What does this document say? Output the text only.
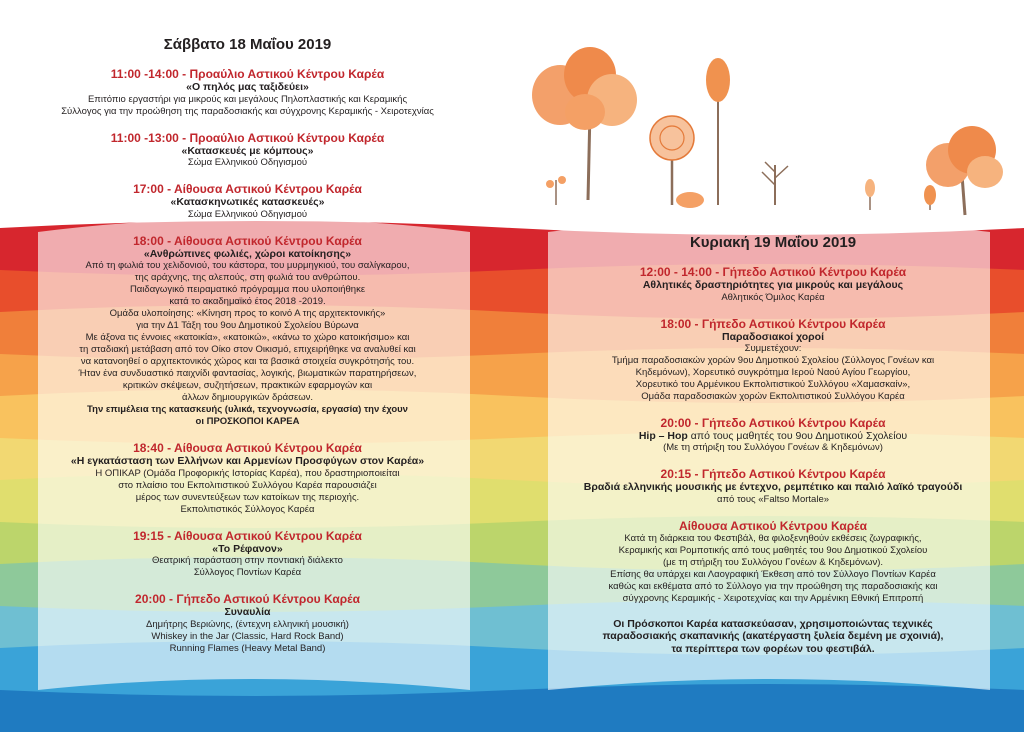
Σάββατο 18 Μαΐου 2019
11:00 -14:00 - Προαύλιο Αστικού Κέντρου Καρέα
«Ο πηλός μας ταξιδεύει»
Επιτόπιο εργαστήρι για μικρούς και μεγάλους Πηλοπλαστικής και Κεραμικής
Σύλλογος για την προώθηση της παραδοσιακής και σύγχρονης Κεραμικής - Χειροτεχνίας
11:00 -13:00 - Προαύλιο Αστικού Κέντρου Καρέα
«Κατασκευές με κόμπους»
Σώμα Ελληνικού Οδηγισμού
17:00 - Αίθουσα Αστικού Κέντρου Καρέα
«Κατασκηνωτικές κατασκευές»
Σώμα Ελληνικού Οδηγισμού
18:00 - Αίθουσα Αστικού Κέντρου Καρέα
«Ανθρώπινες φωλιές, χώροι κατοίκησης»
Από τη φωλιά του χελιδονιού, του κάστορα, του μυρμηγκιού, του σαλίγκαρου,
της αράχνης, της αλεπούς, στη φωλιά του ανθρώπου.
Παιδαγωγικό πειραματικό πρόγραμμα που υλοποιήθηκε
κατά το ακαδημαϊκό έτος 2018 -2019.
Ομάδα υλοποίησης: «Κίνηση προς το κοινό Α της αρχιτεκτονικής»
για την Δ1 Τάξη του 9ου Δημοτικού Σχολείου Βύρωνα
Με άξονα τις έννοιες «κατοικία», «κατοικώ», «κάνω το χώρο κατοικήσιμο» και
τη σταδιακή μετάβαση από τον Οίκο στον Οικισμό, επιχειρήθηκε να αναλυθεί και
να κατανοηθεί ο αρχιτεκτονικός χώρος και τα βασικά στοιχεία συγκρότησής του.
Ήταν ένα συνδυαστικό παιχνίδι φαντασίας, λογικής, βιωματικών παρατηρήσεων,
κριτικών σκέψεων, συζητήσεων, πρακτικών εφαρμογών και
άλλων δημιουργικών δράσεων.
Την επιμέλεια της κατασκευής (υλικά, τεχνογνωσία, εργασία) την έχουν
οι ΠΡΟΣΚΟΠΟΙ ΚΑΡΕΑ
18:40 - Αίθουσα Αστικού Κέντρου Καρέα
«Η εγκατάσταση των Ελλήνων και Αρμενίων Προσφύγων στον Καρέα»
Η ΟΠΙΚΑΡ (Ομάδα Προφορικής Ιστορίας Καρέα), που δραστηριοποιείται
στο πλαίσιο του Εκπολιτιστικού Συλλόγου Καρέα παρουσιάζει
μέρος των συνεντεύξεων των κατοίκων της περιοχής.
Εκπολιτιστικός Σύλλογος Καρέα
19:15 - Αίθουσα Αστικού Κέντρου Καρέα
«Το Ρέφανον»
Θεατρική παράσταση στην ποντιακή διάλεκτο
Σύλλογος Ποντίων Καρέα
20:00 - Γήπεδο Αστικού Κέντρου Καρέα
Συναυλία
Δημήτρης Βεριώνης, (έντεχνη ελληνική μουσική)
Whiskey in the Jar (Classic, Hard Rock Band)
Running Flames (Heavy Metal Band)
Κυριακή 19 Μαΐου 2019
12:00 - 14:00 - Γήπεδο Αστικού Κέντρου Καρέα
Αθλητικές δραστηριότητες για μικρούς και μεγάλους
Αθλητικός Όμιλος Καρέα
18:00 - Γήπεδο Αστικού Κέντρου Καρέα
Παραδοσιακοί χοροί
Συμμετέχουν:
Τμήμα παραδοσιακών χορών 9ου Δημοτικού Σχολείου (Σύλλογος Γονέων και
Κηδεμόνων), Χορευτικό συγκρότημα Ιερού Ναού Αγίου Γεωργίου,
Χορευτικό του Αρμένικου Εκπολιτιστικού Συλλόγου «Χαμασκαίν»,
Ομάδα παραδοσιακών χορών Εκπολιτιστικού Συλλόγου Καρέα
20:00 - Γήπεδο Αστικού Κέντρου Καρέα
Hip – Hop από τους μαθητές του 9ου Δημοτικού Σχολείου
(Με τη στήριξη του Συλλόγου Γονέων & Κηδεμόνων)
20:15 - Γήπεδο Αστικού Κέντρου Καρέα
Βραδιά ελληνικής μουσικής με έντεχνο, ρεμπέτικο και παλιό λαϊκό τραγούδι
από τους «Faltso Mortale»
Αίθουσα Αστικού Κέντρου Καρέα
Κατά τη διάρκεια του Φεστιβάλ, θα φιλοξενηθούν εκθέσεις ζωγραφικής,
Κεραμικής και Ρομποτικής από τους μαθητές του 9ου Δημοτικού Σχολείου
(με τη στήριξη του Συλλόγου Γονέων & Κηδεμόνων).
Επίσης θα υπάρχει και Λαογραφική Έκθεση από τον Σύλλογο Ποντίων Καρέα
καθώς και εκθέματα από το Σύλλογο για την προώθηση της παραδοσιακής και
σύγχρονης Κεραμικής - Χειροτεχνίας και την Αρμένικη Εθνική Επιτροπή
Οι Πρόσκοποι Καρέα κατασκεύασαν, χρησιμοποιώντας τεχνικές
παραδοσιακής σκαπανικής (ακατέργαστη ξυλεία δεμένη με σχοινιά),
τα περίπτερα των φορέων του φεστιβάλ.
